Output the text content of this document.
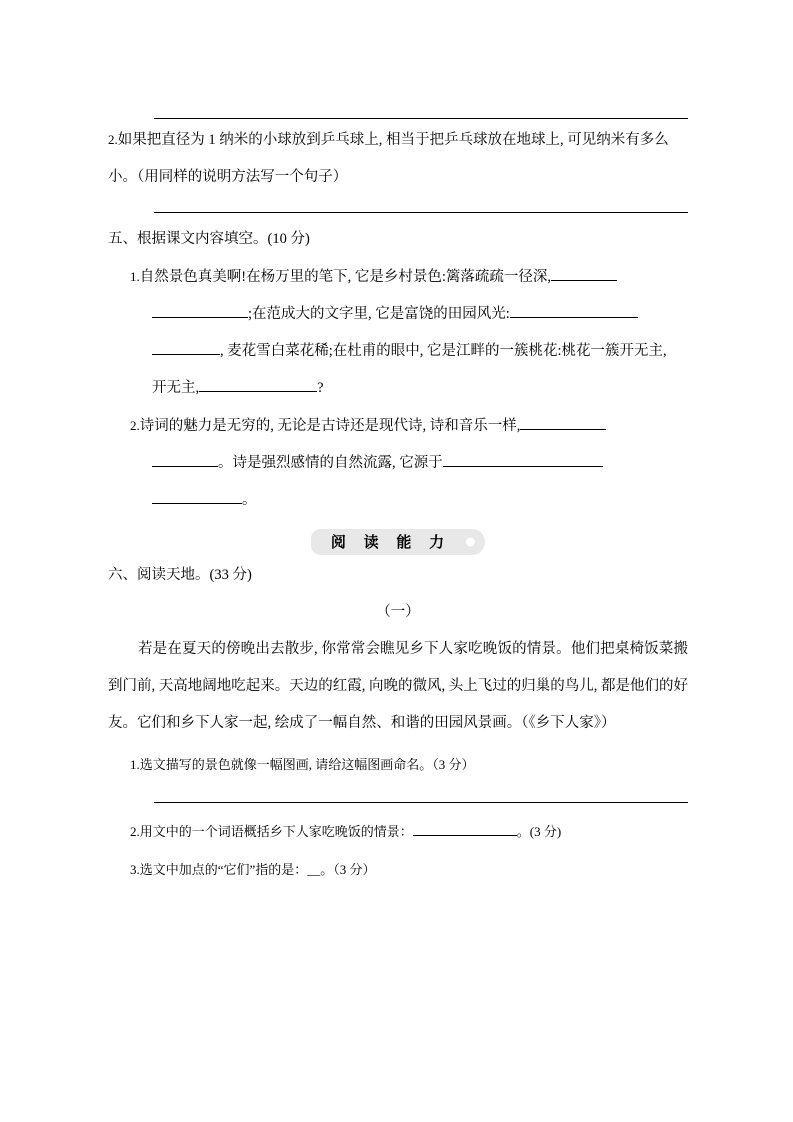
2.如果把直径为 1 纳米的小球放到乒乓球上, 相当于把乒乓球放在地球上, 可见纳米有多么小。（用同样的说明方法写一个句子）
五、根据课文内容填空。(10 分)
1.自然景色真美啊!在杨万里的笔下, 它是乡村景色:篱落疏疏一径深,
;在范成大的文字里, 它是富饶的田园风光:
, 麦花雪白菜花稀;在杜甫的眼中, 它是江畔的一簇桃花:桃花一簇开无主,
开无主,	?
2.诗词的魅力是无穷的, 无论是古诗还是现代诗, 诗和音乐一样,
。诗是强烈感情的自然流露, 它源于
。
阅 读 能 力
六、阅读天地。(33 分)
（一）
若是在夏天的傍晚出去散步, 你常常会瞧见乡下人家吃晚饭的情景。他们把桌椅饭菜搬到门前, 天高地阔地吃起来。天边的红霞, 向晚的微风, 头上飞过的归巢的鸟儿, 都是他们的好友。它们和乡下人家一起, 绘成了一幅自然、和谐的田园风景画。（《乡下人家》）
1.选文描写的景色就像一幅图画, 请给这幅图画命名。（3 分）
2.用文中的一个词语概括乡下人家吃晚饭的情景：	。(3 分)
3.选文中加点的“它们”指的是：__。（3 分）
